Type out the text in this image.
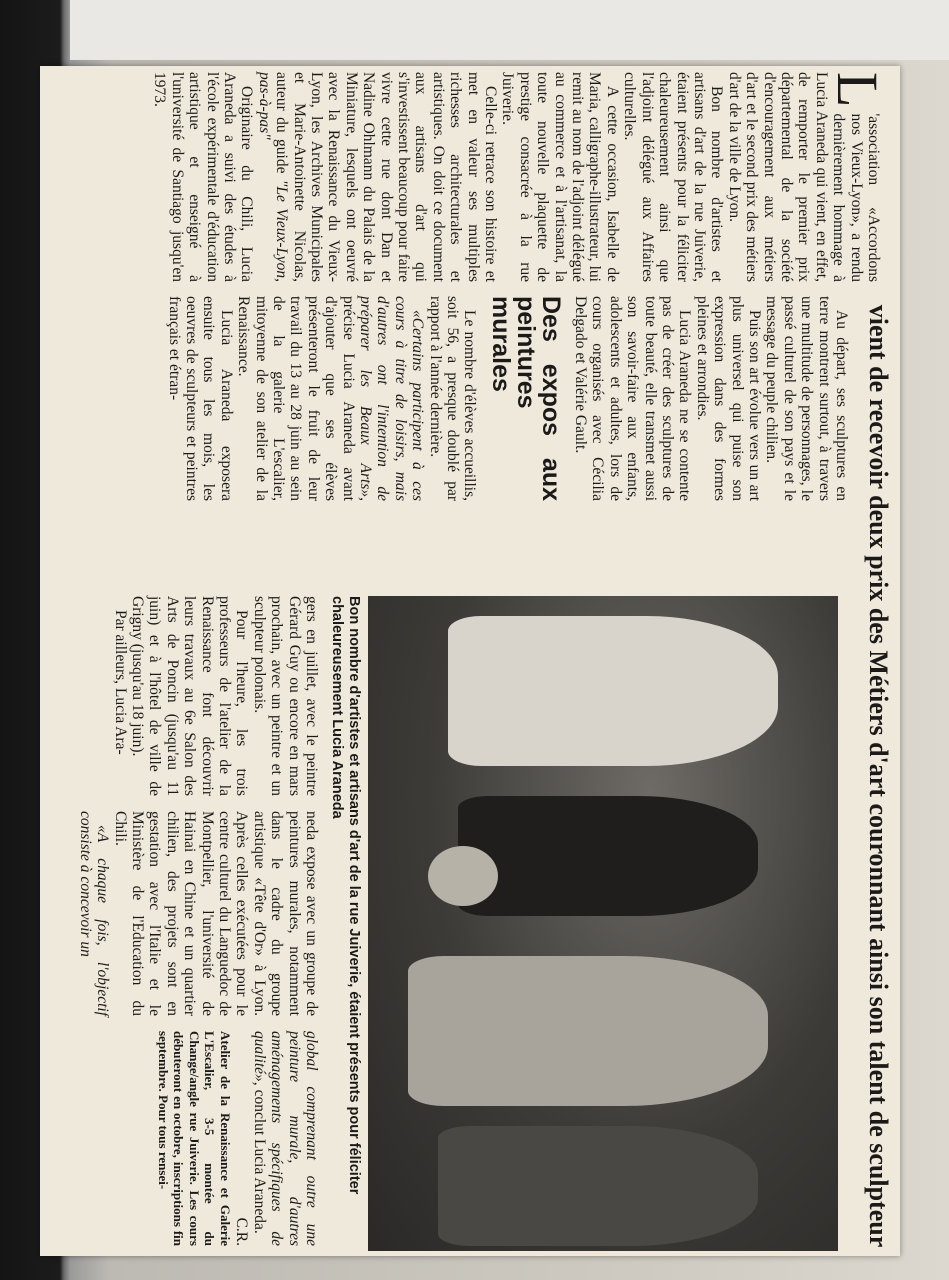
vient de recevoir deux prix des Métiers d'art couronnant ainsi son talent de sculpteur

L
'association «Accordons nos Vieux-Lyon», a rendu dernièrement hommage à Lucia Araneda qui vient, en effet, de remporter le premier prix départemental de la société d'encouragement aux métiers d'art et le second prix des métiers d'art de la ville de Lyon.

Bon nombre d'artistes et artisans d'art de la rue Juiverie, étaient présents pour la féliciter chaleureusement ainsi que l'adjoint délégué aux Affaires culturelles.

A cette occasion, Isabelle de Maria, calligraphe-illustrateur, lui remit au nom de l'adjoint délégué au commerce et à l'artisanat, la toute nouvelle plaquette de prestige consacrée à la rue Juiverie.

Celle-ci retrace son histoire et met en valeur ses multiples richesses architecturales et artistiques. On doit ce document aux artisans d'art qui s'investissent beaucoup pour faire vivre cette rue dont Dan et Nadine Ohlmann du Palais de la Miniature, lesquels ont oeuvré avec la Renaissance du Vieux-Lyon, les Archives Municipales et Marie-Antoinette Nicolas, auteur du guide "Le Vieux-Lyon, pas-à-pas"

Originaire du Chili, Lucia Araneda a suivi des études à l'école expérimentale d'éducation artistique et enseigné à l'université de Santiago jusqu'en 1973.

Au départ, ses sculptures en terre montrent surtout, à travers une multitude de personnages, le passé culturel de son pays et le message du peuple chilien.

Puis son art évolue vers un art plus universel qui puise son expression dans des formes pleines et arrondies.

Lucia Araneda ne se contente pas de créer des sculptures de toute beauté, elle transmet aussi son savoir-faire aux enfants, adolescents et adultes, lors de cours organisés avec Cécilia Delgado et Valérie Gault.

Des expos aux peintures murales

Le nombre d'élèves accueillis, soit 56, a presque doublé par rapport à l'année dernière.

«Certains participent à ces cours à titre de loisirs, mais d'autres ont l'intention de préparer les Beaux Arts», précise Lucia Araneda avant d'ajouter que ses élèves présenteront le fruit de leur travail du 13 au 28 juin au sein de la galerie L'escalier, mitoyenne de son atelier de la Renaissance.

Lucia Araneda exposera ensuite tous les mois, les oeuvres de sculpteurs et peintres français et étran-

Bon nombre d'artistes et artisans d'art de la rue Juiverie, étaient présents pour féliciter chaleureusement Lucia Araneda

gers en juillet, avec le peintre Gérard Guy ou encore en mars prochain, avec un peintre et un sculpteur polonais.

Pour l'heure, les trois professeurs de l'atelier de la Renaissance font découvrir leurs travaux au 6e Salon des Arts de Poncin (jusqu'au 11 juin) et à l'hôtel de ville de Grigny (jusqu'au 18 juin).

Par ailleurs, Lucia Ara-

neda expose avec un groupe de peintures murales, notamment dans le cadre du groupe artistique «Tête d'Or» à Lyon. Après celles exécutées pour le centre culturel du Languedoc de Montpellier, l'université de Hainai en Chine et un quartier chilien, des projets sont en gestation avec l'Italie et le Ministère de l'Education du Chili.

«A chaque fois, l'objectif consiste à concevoir un

global comprenant outre une peinture murale, d'autres aménagements spécifiques de qualité», conclut Lucia Araneda.

C.R.

Atelier de la Renaissance et Galerie L'Escalier, 3-5 montée du Change/angle rue Juiverie. Les cours débuteront en octobre, inscriptions fin septembre. Pour tous rensei-
